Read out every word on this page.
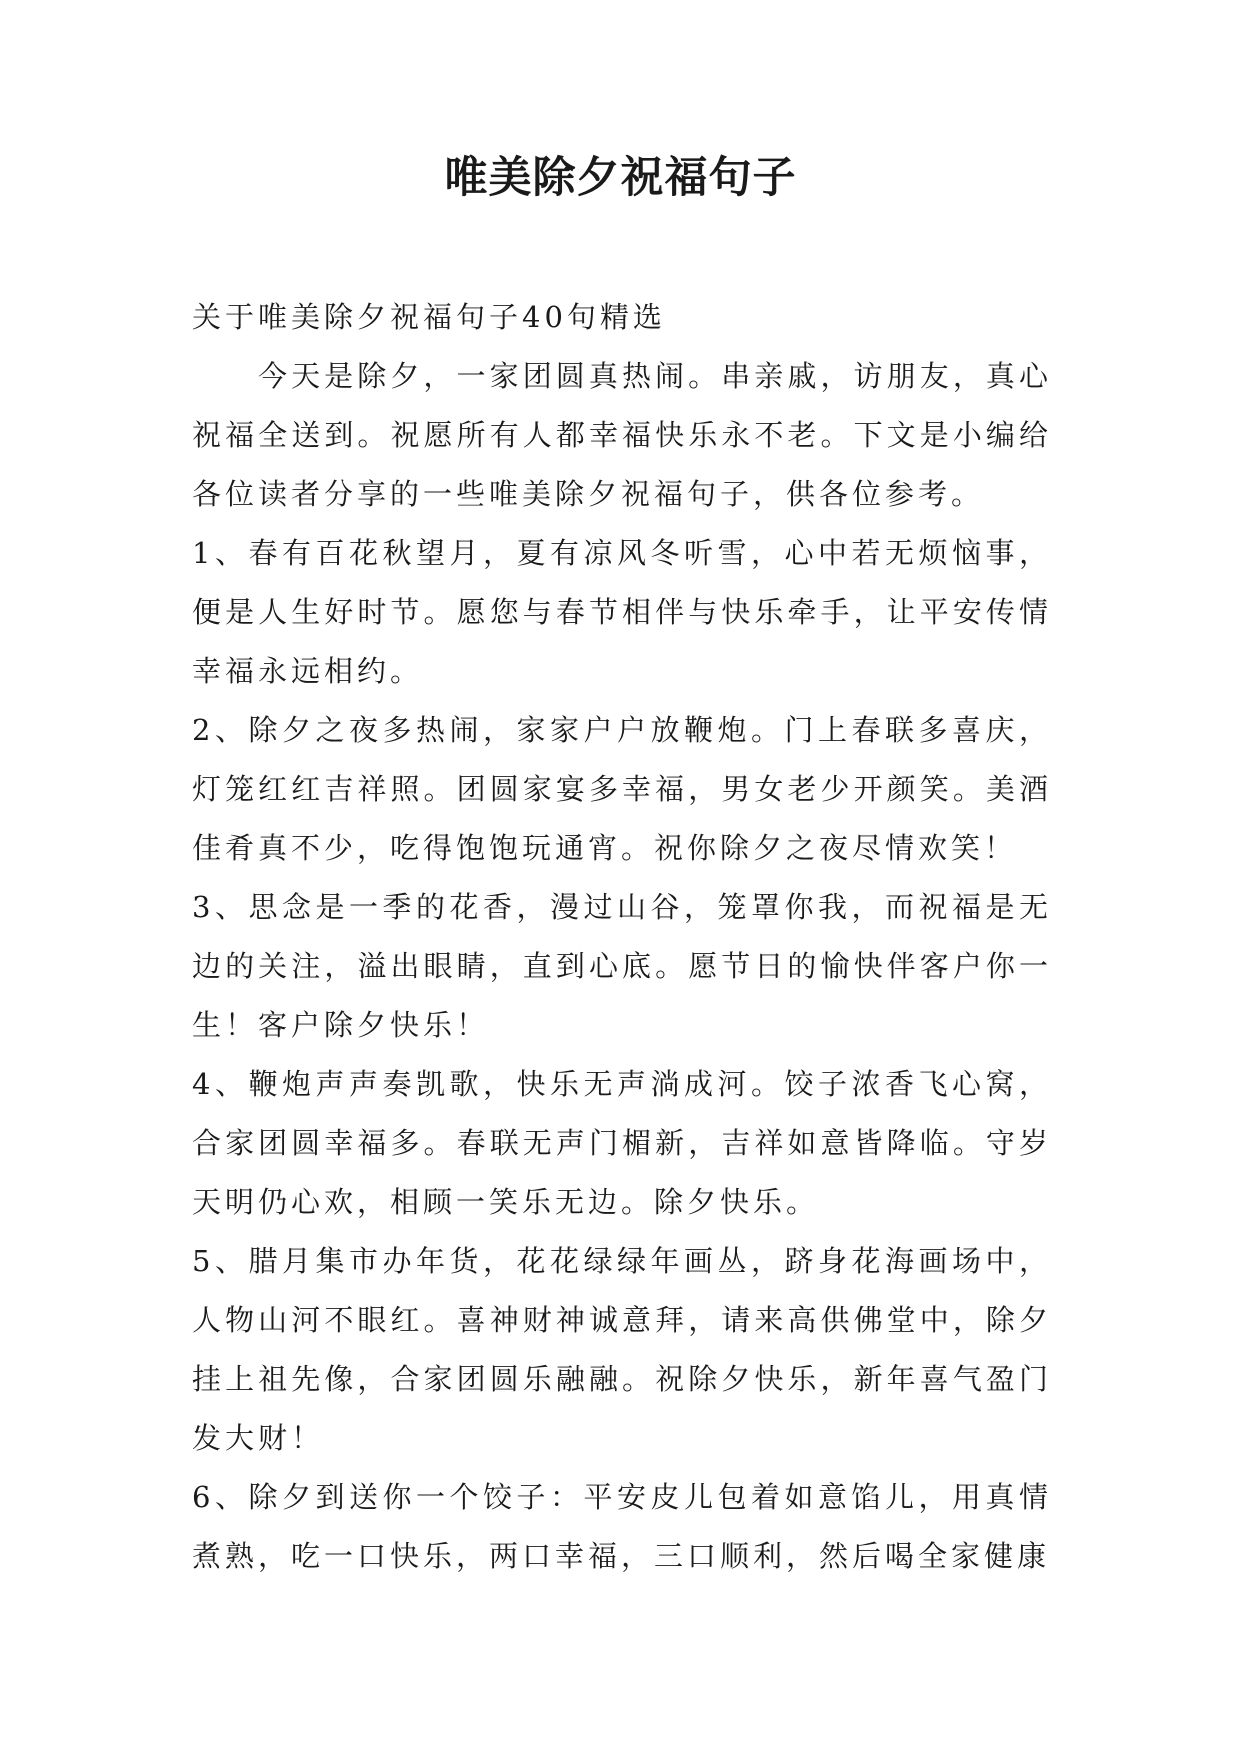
唯美除夕祝福句子

关于唯美除夕祝福句子40句精选

今天是除夕，一家团圆真热闹。串亲戚，访朋友，真心祝福全送到。祝愿所有人都幸福快乐永不老。下文是小编给各位读者分享的一些唯美除夕祝福句子，供各位参考。

1、春有百花秋望月，夏有凉风冬听雪，心中若无烦恼事，便是人生好时节。愿您与春节相伴与快乐牵手，让平安传情幸福永远相约。

2、除夕之夜多热闹，家家户户放鞭炮。门上春联多喜庆，灯笼红红吉祥照。团圆家宴多幸福，男女老少开颜笑。美酒佳肴真不少，吃得饱饱玩通宵。祝你除夕之夜尽情欢笑！

3、思念是一季的花香，漫过山谷，笼罩你我，而祝福是无边的关注，溢出眼睛，直到心底。愿节日的愉快伴客户你一生！客户除夕快乐！

4、鞭炮声声奏凯歌，快乐无声淌成河。饺子浓香飞心窝，合家团圆幸福多。春联无声门楣新，吉祥如意皆降临。守岁天明仍心欢，相顾一笑乐无边。除夕快乐。

5、腊月集市办年货，花花绿绿年画丛，跻身花海画场中，人物山河不眼红。喜神财神诚意拜，请来高供佛堂中，除夕挂上祖先像，合家团圆乐融融。祝除夕快乐，新年喜气盈门发大财！

6、除夕到送你一个饺子：平安皮儿包着如意馅儿，用真情煮熟，吃一口快乐，两口幸福，三口顺利，然后喝全家健康
